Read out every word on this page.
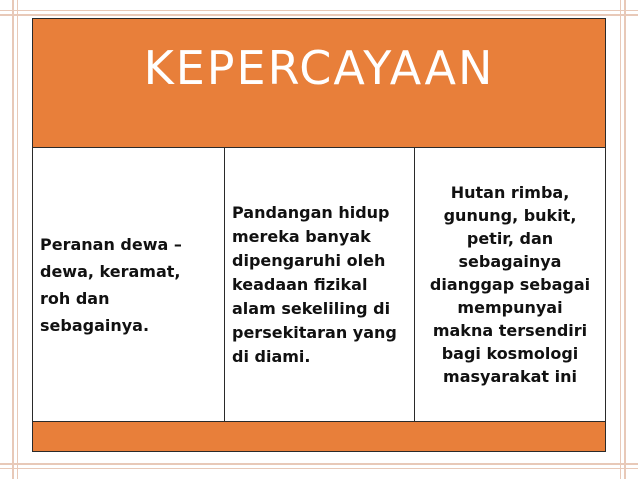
KEPERCAYAAN
Peranan dewa –
dewa, keramat,
roh dan
sebagainya.
Pandangan hidup
mereka banyak
dipengaruhi oleh
keadaan fizikal
alam sekeliling di
persekitaran yang
di diami.
Hutan rimba,
gunung, bukit,
petir, dan
sebagainya
dianggap sebagai
mempunyai
makna tersendiri
bagi kosmologi
masyarakat ini
